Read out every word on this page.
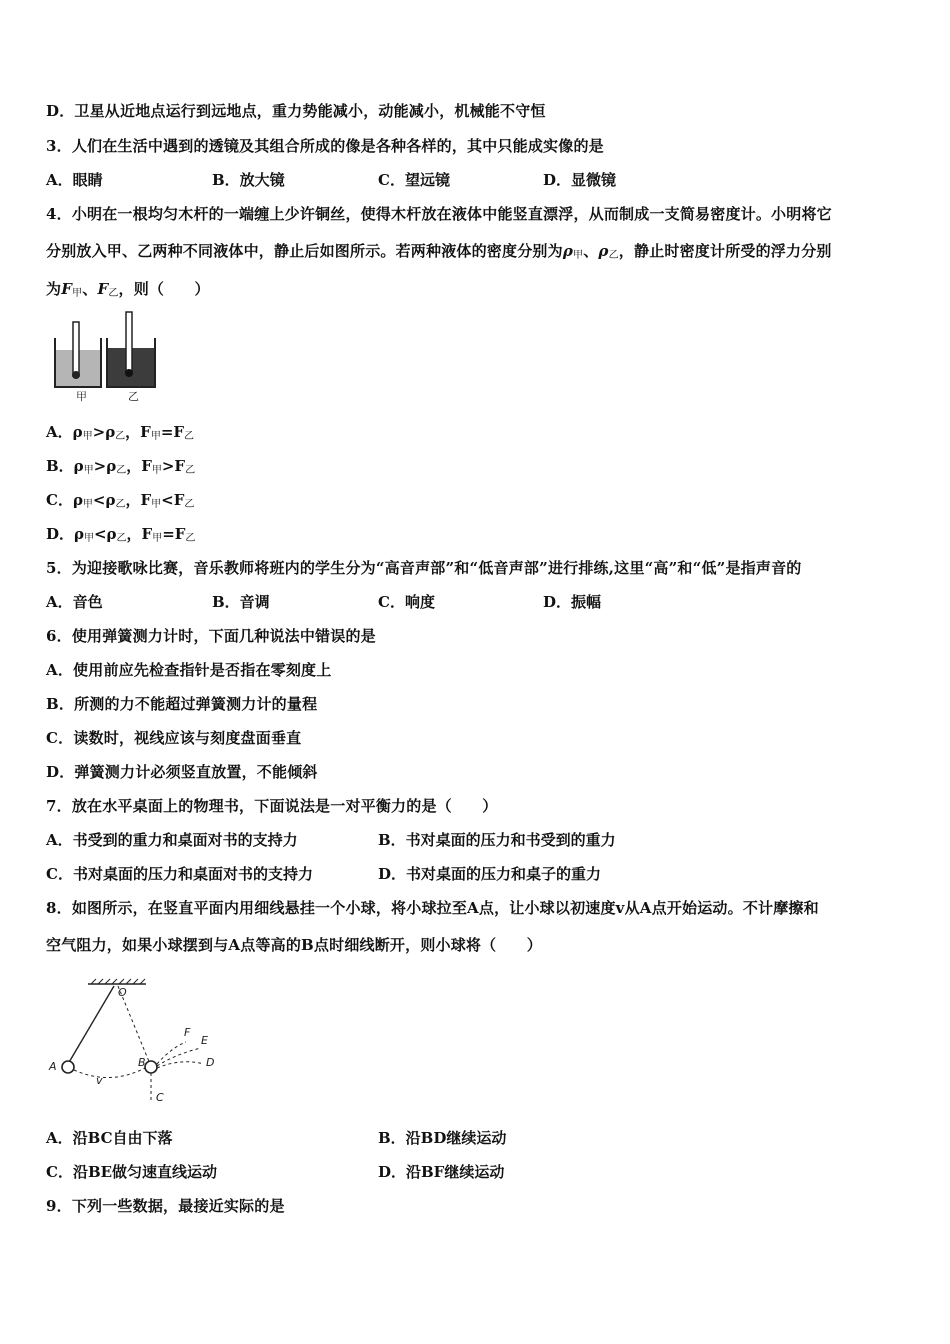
D．卫星从近地点运行到远地点，重力势能减小，动能减小，机械能不守恒
3．人们在生活中遇到的透镜及其组合所成的像是各种各样的，其中只能成实像的是
A．眼睛	B．放大镜	C．望远镜	D．显微镜
4．小明在一根均匀木杆的一端缠上少许铜丝，使得木杆放在液体中能竖直漂浮，从而制成一支简易密度计。小明将它
分别放入甲、乙两种不同液体中，静止后如图所示。若两种液体的密度分别为$\rho_甲$、$\rho_乙$，静止时密度计所受的浮力分别
为$F_甲$、$F_乙$，则（　　）
甲	乙
A．$\rho_甲>\rho_乙$，$F_甲=F_乙$
B．$\rho_甲>\rho_乙$，$F_甲>F_乙$
C．$\rho_甲<\rho_乙$，$F_甲<F_乙$
D．$\rho_甲<\rho_乙$，$F_甲=F_乙$
5．为迎接歌咏比赛，音乐教师将班内的学生分为“高音声部”和“低音声部”进行排练,这里“高”和“低”是指声音的
A．音色	B．音调	C．响度	D．振幅
6．使用弹簧测力计时，下面几种说法中错误的是
A．使用前应先检查指针是否指在零刻度上
B．所测的力不能超过弹簧测力计的量程
C．读数时，视线应该与刻度盘面垂直
D．弹簧测力计必须竖直放置，不能倾斜
7．放在水平桌面上的物理书，下面说法是一对平衡力的是（　　）
A．书受到的重力和桌面对书的支持力	B．书对桌面的压力和书受到的重力
C．书对桌面的压力和桌面对书的支持力	D．书对桌面的压力和桌子的重力
8．如图所示，在竖直平面内用细线悬挂一个小球，将小球拉至A点，让小球以初速度v从A点开始运动。不计摩擦和
空气阻力，如果小球摆到与A点等高的B点时细线断开，则小球将（　　）
O
A	B
C
D
E
F
v
A．沿BC自由下落	B．沿BD继续运动
C．沿BE做匀速直线运动	D．沿BF继续运动
9．下列一些数据，最接近实际的是
